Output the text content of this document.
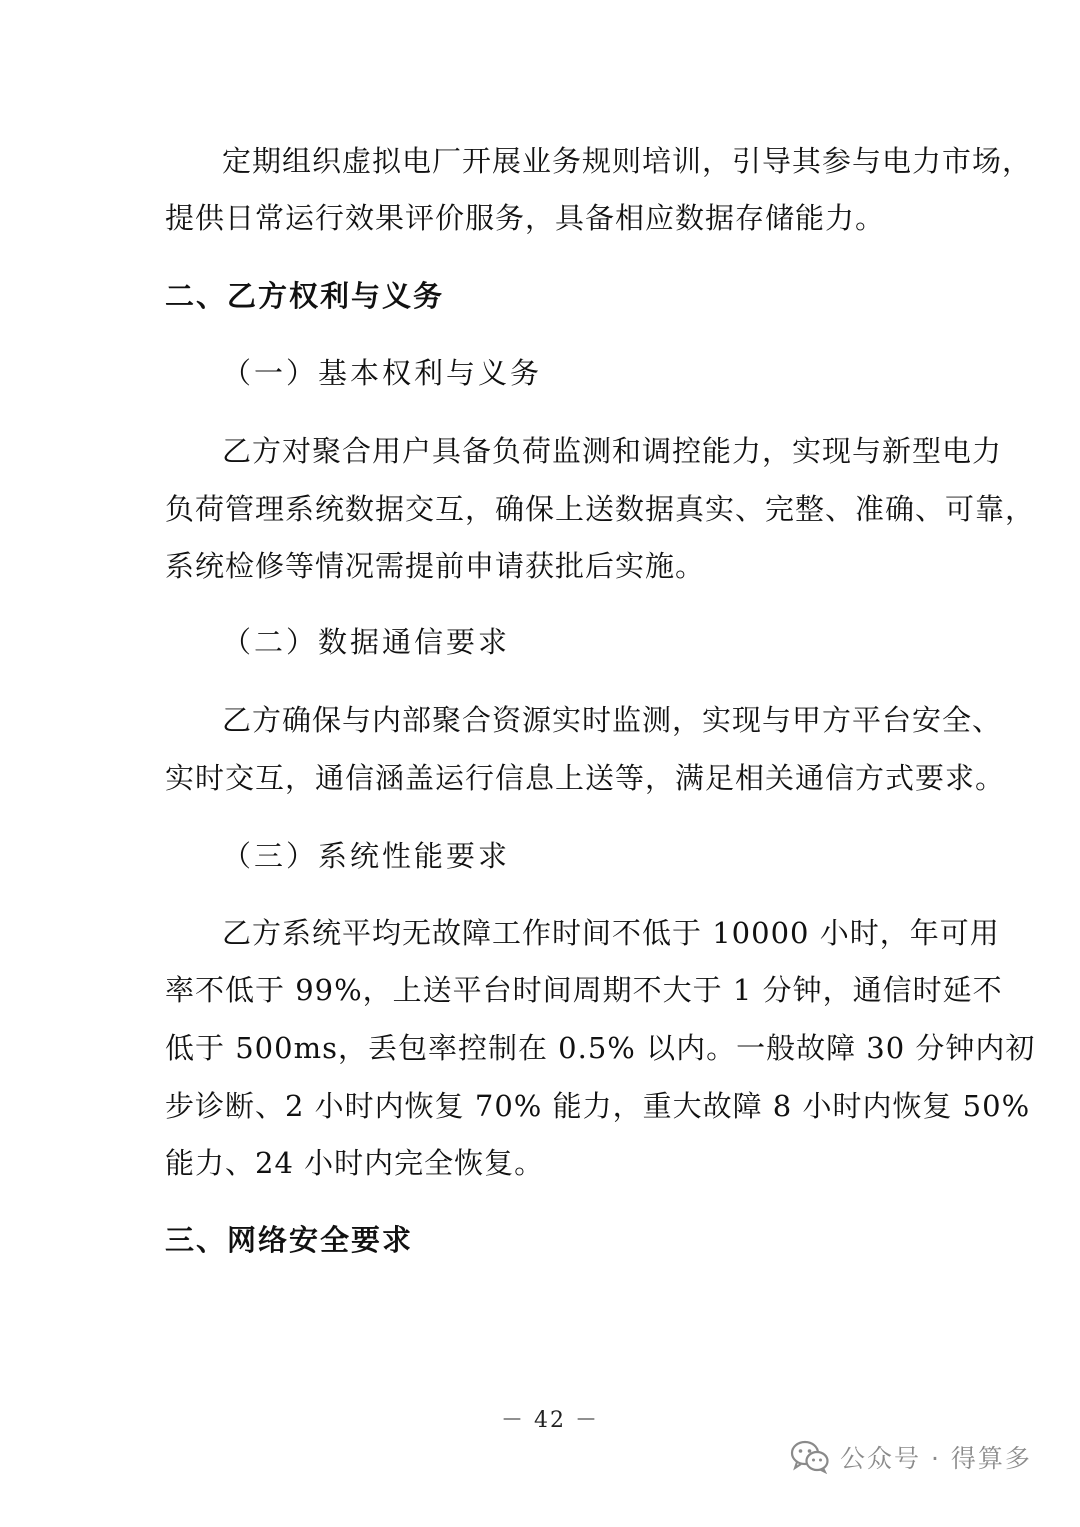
定期组织虚拟电厂开展业务规则培训，引导其参与电力市场，
提供日常运行效果评价服务，具备相应数据存储能力。
二、乙方权利与义务
（一）基本权利与义务
乙方对聚合用户具备负荷监测和调控能力，实现与新型电力
负荷管理系统数据交互，确保上送数据真实、完整、准确、可靠，
系统检修等情况需提前申请获批后实施。
（二）数据通信要求
乙方确保与内部聚合资源实时监测，实现与甲方平台安全、
实时交互，通信涵盖运行信息上送等，满足相关通信方式要求。
（三）系统性能要求
乙方系统平均无故障工作时间不低于 10000 小时，年可用
率不低于 99%，上送平台时间周期不大于 1 分钟，通信时延不
低于 500ms，丢包率控制在 0.5% 以内。一般故障 30 分钟内初
步诊断、2 小时内恢复 70% 能力，重大故障 8 小时内恢复 50%
能力、24 小时内完全恢复。
三、网络安全要求
－ 42 －
公众号 · 得算多
